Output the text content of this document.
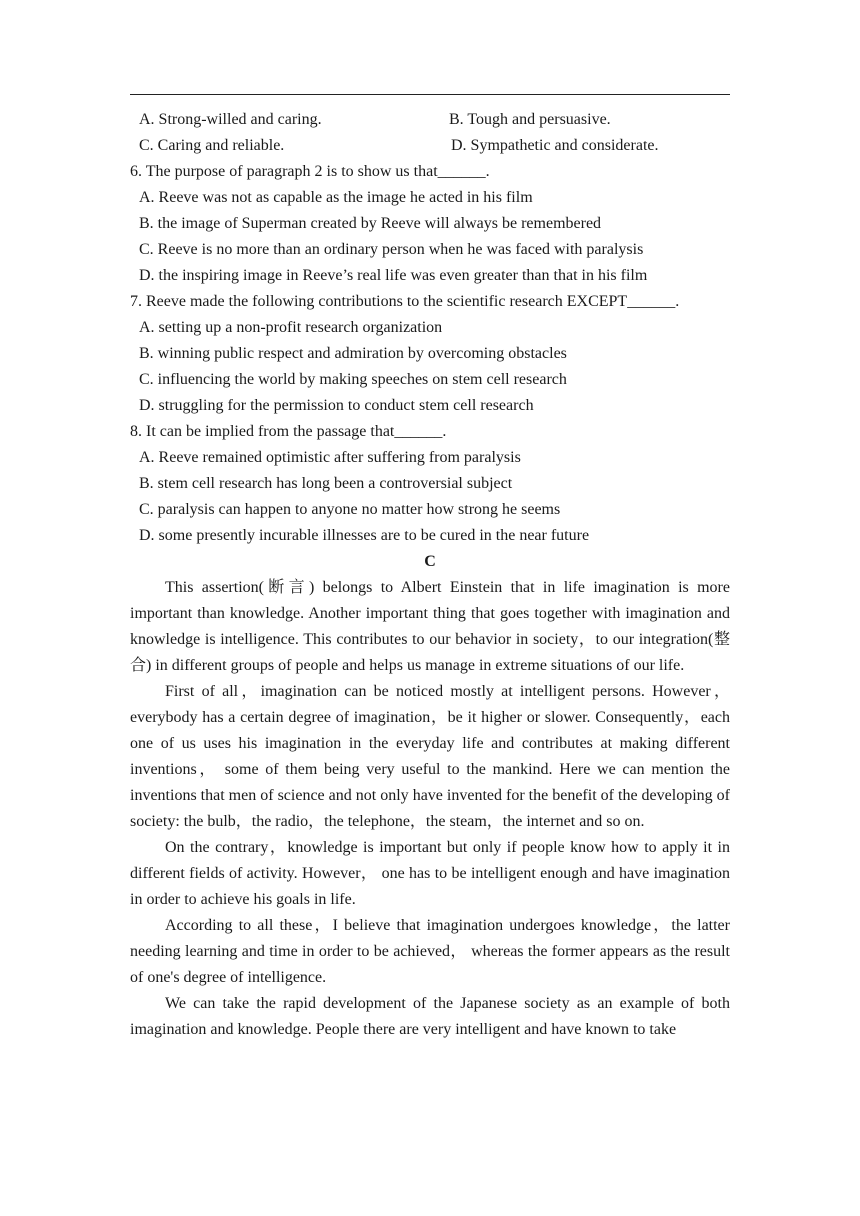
A. Strong-willed and caring.	B. Tough and persuasive.
C. Caring and reliable.	D. Sympathetic and considerate.
6. The purpose of paragraph 2 is to show us that______.
A. Reeve was not as capable as the image he acted in his film
B. the image of Superman created by Reeve will always be remembered
C. Reeve is no more than an ordinary person when he was faced with paralysis
D. the inspiring image in Reeve’s real life was even greater than that in his film
7. Reeve made the following contributions to the scientific research EXCEPT______.
A. setting up a non-profit research organization
B. winning public respect and admiration by overcoming obstacles
C. influencing the world by making speeches on stem cell research
D. struggling for the permission to conduct stem cell research
8. It can be implied from the passage that______.
A. Reeve remained optimistic after suffering from paralysis
B. stem cell research has long been a controversial subject
C. paralysis can happen to anyone no matter how strong he seems
D. some presently incurable illnesses are to be cured in the near future
C

This assertion(断言) belongs to Albert Einstein that in life imagination is more important than knowledge. Another important thing that goes together with imagination and knowledge is intelligence. This contributes to our behavior in society，to our integration(整合) in different groups of people and helps us manage in extreme situations of our life.

First of all，imagination can be noticed mostly at intelligent persons. However，everybody has a certain degree of imagination，be it higher or slower. Consequently，each one of us uses his imagination in the everyday life and contributes at making different inventions， some of them being very useful to the mankind. Here we can mention the inventions that men of science and not only have invented for the benefit of the developing of society: the bulb，the radio，the telephone，the steam，the internet and so on.

On the contrary，knowledge is important but only if people know how to apply it in different fields of activity. However， one has to be intelligent enough and have imagination in order to achieve his goals in life.

According to all these，I believe that imagination undergoes knowledge，the latter needing learning and time in order to be achieved， whereas the former appears as the result of one's degree of intelligence.

We can take the rapid development of the Japanese society as an example of both imagination and knowledge. People there are very intelligent and have known to take
